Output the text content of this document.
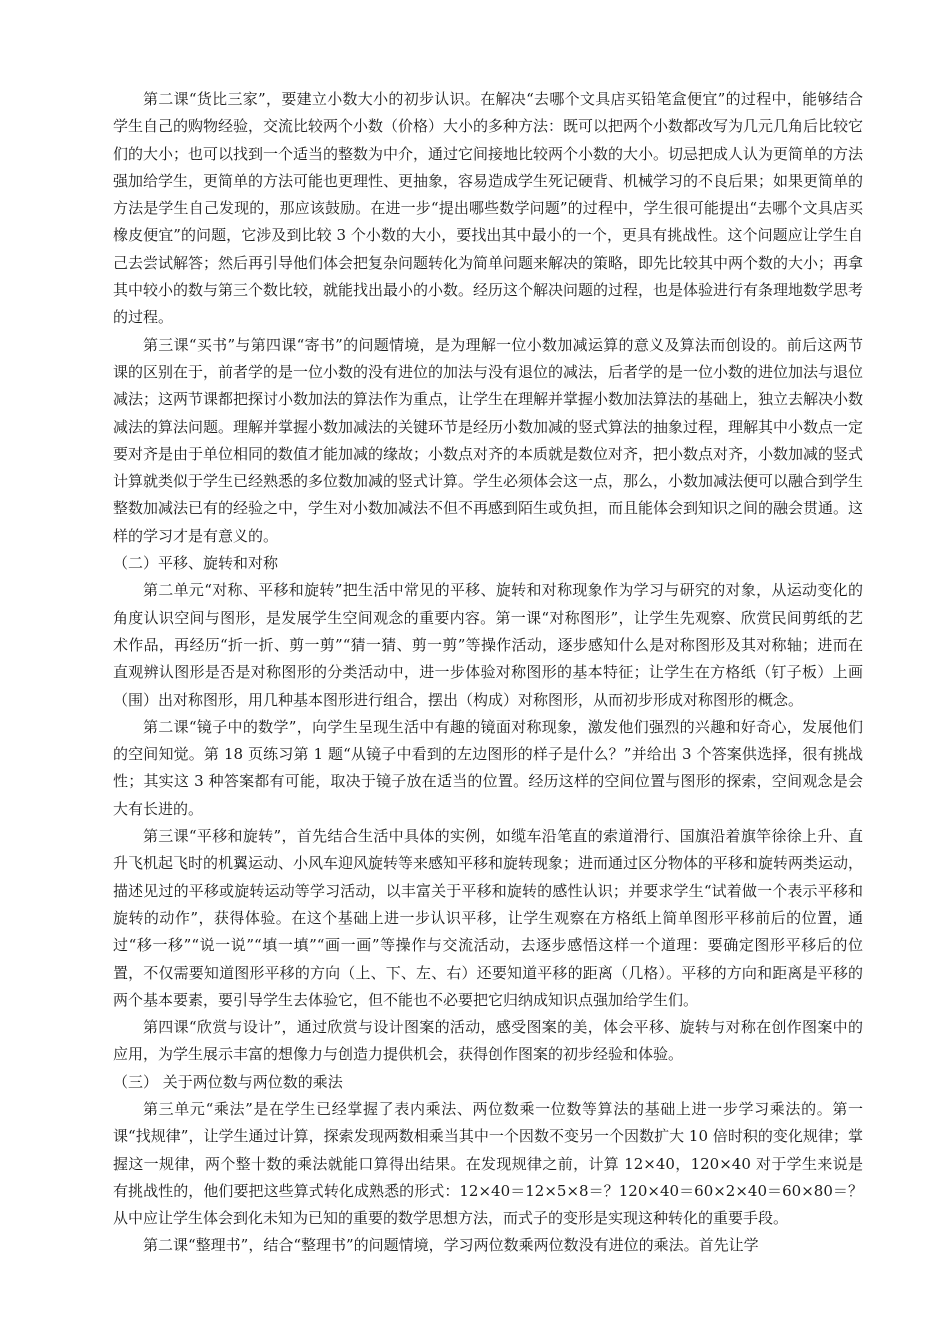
第二课“货比三家”，要建立小数大小的初步认识。在解决“去哪个文具店买铅笔盒便宜”的过程中，能够结合学生自己的购物经验，交流比较两个小数（价格）大小的多种方法：既可以把两个小数都改写为几元几角后比较它们的大小；也可以找到一个适当的整数为中介，通过它间接地比较两个小数的大小。切忌把成人认为更简单的方法强加给学生，更简单的方法可能也更理性、更抽象，容易造成学生死记硬背、机械学习的不良后果；如果更简单的方法是学生自己发现的，那应该鼓励。在进一步“提出哪些数学问题”的过程中，学生很可能提出“去哪个文具店买橡皮便宜”的问题，它涉及到比较 3 个小数的大小，要找出其中最小的一个，更具有挑战性。这个问题应让学生自己去尝试解答；然后再引导他们体会把复杂问题转化为简单问题来解决的策略，即先比较其中两个数的大小；再拿其中较小的数与第三个数比较，就能找出最小的小数。经历这个解决问题的过程，也是体验进行有条理地数学思考的过程。

第三课“买书”与第四课“寄书”的问题情境，是为理解一位小数加减运算的意义及算法而创设的。前后这两节课的区别在于，前者学的是一位小数的没有进位的加法与没有退位的减法，后者学的是一位小数的进位加法与退位减法；这两节课都把探讨小数加法的算法作为重点，让学生在理解并掌握小数加法算法的基础上，独立去解决小数减法的算法问题。理解并掌握小数加减法的关键环节是经历小数加减的竖式算法的抽象过程，理解其中小数点一定要对齐是由于单位相同的数值才能加减的缘故；小数点对齐的本质就是数位对齐，把小数点对齐，小数加减的竖式计算就类似于学生已经熟悉的多位数加减的竖式计算。学生必须体会这一点，那么，小数加减法便可以融合到学生整数加减法已有的经验之中，学生对小数加减法不但不再感到陌生或负担，而且能体会到知识之间的融会贯通。这样的学习才是有意义的。

（二）平移、旋转和对称

第二单元“对称、平移和旋转”把生活中常见的平移、旋转和对称现象作为学习与研究的对象，从运动变化的角度认识空间与图形，是发展学生空间观念的重要内容。第一课“对称图形”，让学生先观察、欣赏民间剪纸的艺术作品，再经历“折一折、剪一剪”“猜一猜、剪一剪”等操作活动，逐步感知什么是对称图形及其对称轴；进而在直观辨认图形是否是对称图形的分类活动中，进一步体验对称图形的基本特征；让学生在方格纸（钉子板）上画（围）出对称图形，用几种基本图形进行组合，摆出（构成）对称图形，从而初步形成对称图形的概念。

第二课“镜子中的数学”，向学生呈现生活中有趣的镜面对称现象，激发他们强烈的兴趣和好奇心，发展他们的空间知觉。第 18 页练习第 1 题“从镜子中看到的左边图形的样子是什么？”并给出 3 个答案供选择，很有挑战性；其实这 3 种答案都有可能，取决于镜子放在适当的位置。经历这样的空间位置与图形的探索，空间观念是会大有长进的。

第三课“平移和旋转”，首先结合生活中具体的实例，如缆车沿笔直的索道滑行、国旗沿着旗竿徐徐上升、直升飞机起飞时的机翼运动、小风车迎风旋转等来感知平移和旋转现象；进而通过区分物体的平移和旋转两类运动，描述见过的平移或旋转运动等学习活动，以丰富关于平移和旋转的感性认识；并要求学生“试着做一个表示平移和旋转的动作”，获得体验。在这个基础上进一步认识平移，让学生观察在方格纸上简单图形平移前后的位置，通过“移一移”“说一说”“填一填”“画一画”等操作与交流活动，去逐步感悟这样一个道理：要确定图形平移后的位置，不仅需要知道图形平移的方向（上、下、左、右）还要知道平移的距离（几格）。平移的方向和距离是平移的两个基本要素，要引导学生去体验它，但不能也不必要把它归纳成知识点强加给学生们。

第四课“欣赏与设计”，通过欣赏与设计图案的活动，感受图案的美，体会平移、旋转与对称在创作图案中的应用，为学生展示丰富的想像力与创造力提供机会，获得创作图案的初步经验和体验。

（三） 关于两位数与两位数的乘法

第三单元“乘法”是在学生已经掌握了表内乘法、两位数乘一位数等算法的基础上进一步学习乘法的。第一课“找规律”，让学生通过计算，探索发现两数相乘当其中一个因数不变另一个因数扩大 10 倍时积的变化规律；掌握这一规律，两个整十数的乘法就能口算得出结果。在发现规律之前，计算 12×40，120×40 对于学生来说是有挑战性的，他们要把这些算式转化成熟悉的形式：12×40＝12×5×8＝？120×40＝60×2×40＝60×80＝？从中应让学生体会到化未知为已知的重要的数学思想方法，而式子的变形是实现这种转化的重要手段。

第二课“整理书”，结合“整理书”的问题情境，学习两位数乘两位数没有进位的乘法。首先让学
